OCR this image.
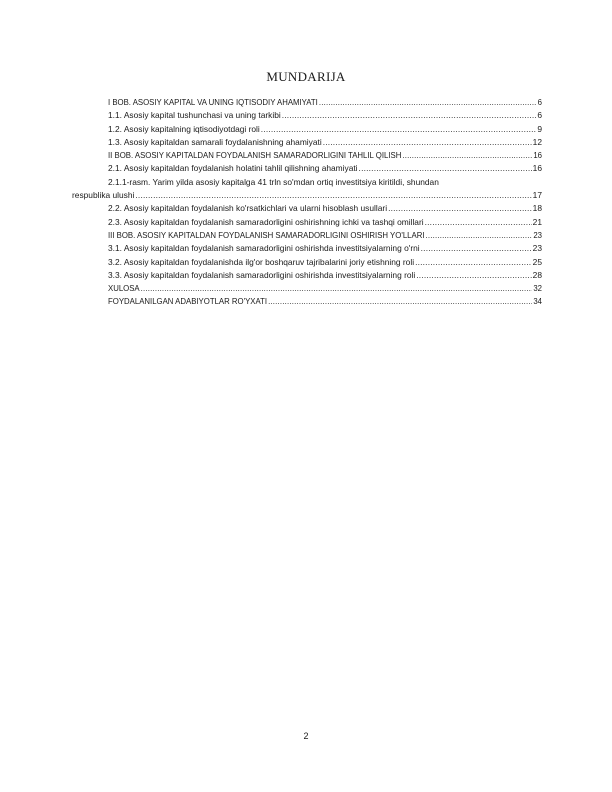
MUNDARIJA
I BOB. ASOSIY KAPITAL VA UNING IQTISODIY AHAMIYATI .....	6
1.1. Asosiy kapital tushunchasi va uning tarkibi .....	6
1.2. Asosiy kapitalning iqtisodiyotdagi roli .....	9
1.3. Asosiy kapitaldan samarali foydalanishning ahamiyati .....	12
II BOB. ASOSIY KAPITALDAN FOYDALANISH SAMARADORLIGINI TAHLIL QILISH .....	16
2.1. Asosiy kapitaldan foydalanish holatini tahlil qilishning ahamiyati .....	16
2.1.1-rasm. Yarim yilda asosiy kapitalga 41 trln so'mdan ortiq investitsiya kiritildi, shundan
respublika ulushi .....	17
2.2. Asosiy kapitaldan foydalanish ko'rsatkichlari va ularni hisoblash usullari .....	18
2.3. Asosiy kapitaldan foydalanish samaradorligini oshirishning ichki va tashqi omillari .....	21
III BOB. ASOSIY KAPITALDAN FOYDALANISH SAMARADORLIGINI OSHIRISH YO'LLARI .....	23
3.1. Asosiy kapitaldan foydalanish samaradorligini oshirishda investitsiyalarning o'rni .....	23
3.2. Asosiy kapitaldan foydalanishda ilg'or boshqaruv tajribalarini joriy etishning roli .....	25
3.3. Asosiy kapitaldan foydalanish samaradorligini oshirishda investitsiyalarning roli .....	28
XULOSA .....	32
FOYDALANILGAN ADABIYOTLAR RO'YXATI .....	34
2
